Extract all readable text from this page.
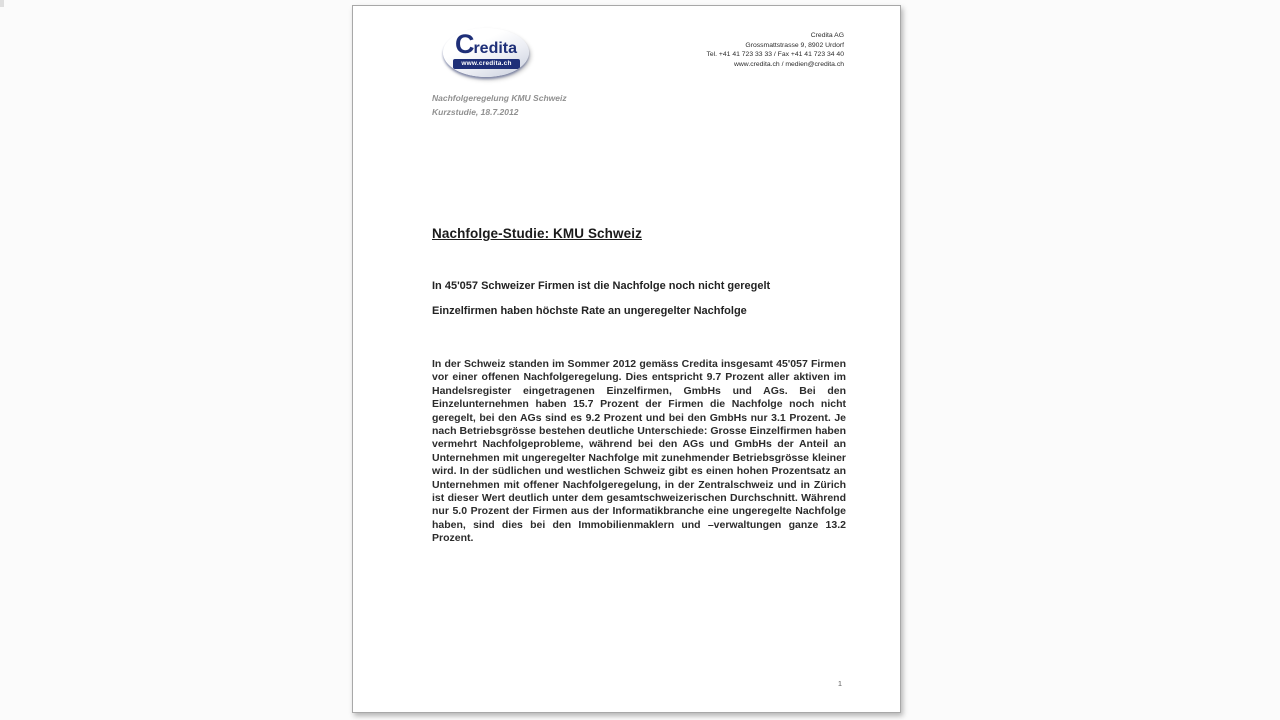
Credita
www.credita.ch
Credita AG
Grossmattstrasse 9, 8902 Urdorf
Tel. +41 41 723 33 33 / Fax +41 41 723 34 40
www.credita.ch / medien@credita.ch
Nachfolgeregelung KMU Schweiz
Kurzstudie, 18.7.2012
Nachfolge-Studie: KMU Schweiz
In 45'057 Schweizer Firmen ist die Nachfolge noch nicht geregelt
Einzelfirmen haben höchste Rate an ungeregelter Nachfolge
In der Schweiz standen im Sommer 2012 gemäss Credita insgesamt 45'057 Firmen vor einer offenen Nachfolgeregelung. Dies entspricht 9.7 Prozent aller aktiven im Handelsregister eingetragenen Einzelfirmen, GmbHs und AGs. Bei den Einzelunternehmen haben 15.7 Prozent der Firmen die Nachfolge noch nicht geregelt, bei den AGs sind es 9.2 Prozent und bei den GmbHs nur 3.1 Prozent. Je nach Betriebsgrösse bestehen deutliche Unterschiede: Grosse Einzelfirmen haben vermehrt Nachfolgeprobleme, während bei den AGs und GmbHs der Anteil an Unternehmen mit ungeregelter Nachfolge mit zunehmender Betriebsgrösse kleiner wird. In der südlichen und westlichen Schweiz gibt es einen hohen Prozentsatz an Unternehmen mit offener Nachfolgeregelung, in der Zentralschweiz und in Zürich ist dieser Wert deutlich unter dem gesamtschweizerischen Durchschnitt. Während nur 5.0 Prozent der Firmen aus der Informatikbranche eine ungeregelte Nachfolge haben, sind dies bei den Immobilienmaklern und –verwaltungen ganze 13.2 Prozent.
1
